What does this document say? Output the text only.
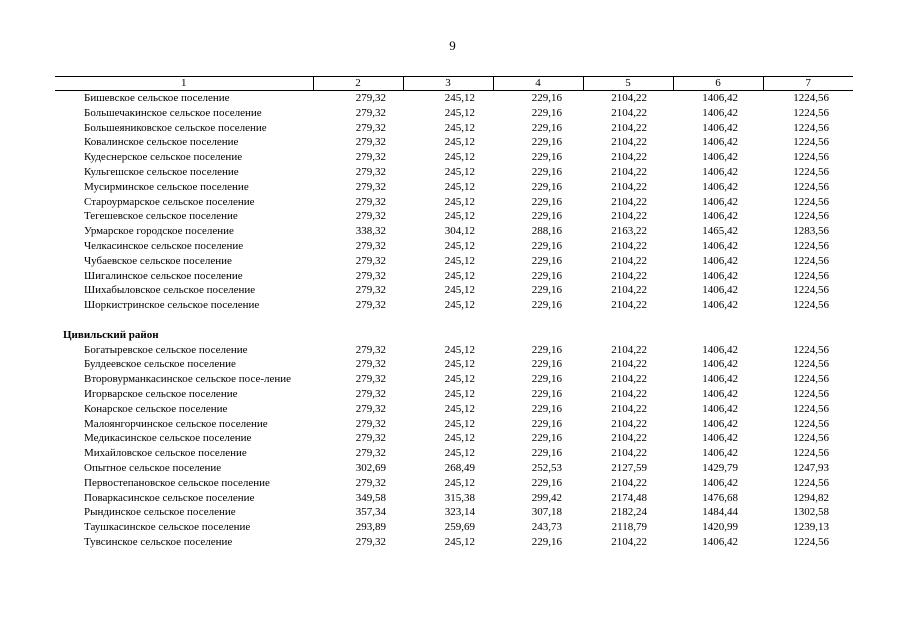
9
1	2	3	4	5	6	7
Бишевское сельское поселение	279,32	245,12	229,16	2104,22	1406,42	1224,56
Большечакинское сельское поселение	279,32	245,12	229,16	2104,22	1406,42	1224,56
Большеяниковское сельское поселение	279,32	245,12	229,16	2104,22	1406,42	1224,56
Ковалинское сельское поселение	279,32	245,12	229,16	2104,22	1406,42	1224,56
Кудеснерское сельское поселение	279,32	245,12	229,16	2104,22	1406,42	1224,56
Кульгешское сельское поселение	279,32	245,12	229,16	2104,22	1406,42	1224,56
Мусирминское сельское поселение	279,32	245,12	229,16	2104,22	1406,42	1224,56
Староурмарское сельское поселение	279,32	245,12	229,16	2104,22	1406,42	1224,56
Тегешевское сельское поселение	279,32	245,12	229,16	2104,22	1406,42	1224,56
Урмарское городское поселение	338,32	304,12	288,16	2163,22	1465,42	1283,56
Челкасинское сельское поселение	279,32	245,12	229,16	2104,22	1406,42	1224,56
Чубаевское сельское поселение	279,32	245,12	229,16	2104,22	1406,42	1224,56
Шигалинское сельское поселение	279,32	245,12	229,16	2104,22	1406,42	1224,56
Шихабыловское сельское поселение	279,32	245,12	229,16	2104,22	1406,42	1224,56
Шоркистринское сельское поселение	279,32	245,12	229,16	2104,22	1406,42	1224,56

Цивильский район						
Богатыревское сельское поселение	279,32	245,12	229,16	2104,22	1406,42	1224,56
Булдеевское сельское поселение	279,32	245,12	229,16	2104,22	1406,42	1224,56
Второвурманкасинское сельское посе-ление	279,32	245,12	229,16	2104,22	1406,42	1224,56
Игорварское сельское поселение	279,32	245,12	229,16	2104,22	1406,42	1224,56
Конарское сельское поселение	279,32	245,12	229,16	2104,22	1406,42	1224,56
Малоянгорчинское сельское поселение	279,32	245,12	229,16	2104,22	1406,42	1224,56
Медикасинское сельское поселение	279,32	245,12	229,16	2104,22	1406,42	1224,56
Михайловское сельское поселение	279,32	245,12	229,16	2104,22	1406,42	1224,56
Опытное сельское поселение	302,69	268,49	252,53	2127,59	1429,79	1247,93
Первостепановское сельское поселение	279,32	245,12	229,16	2104,22	1406,42	1224,56
Поваркасинское сельское поселение	349,58	315,38	299,42	2174,48	1476,68	1294,82
Рындинское сельское поселение	357,34	323,14	307,18	2182,24	1484,44	1302,58
Таушкасинское сельское поселение	293,89	259,69	243,73	2118,79	1420,99	1239,13
Тувсинское сельское поселение	279,32	245,12	229,16	2104,22	1406,42	1224,56
